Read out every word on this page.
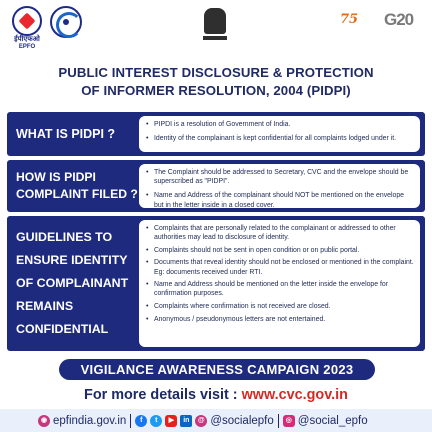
ईपीएफओ
EPFO
75	G20
PUBLIC INTEREST DISCLOSURE & PROTECTION
OF INFORMER RESOLUTION, 2004 (PIDPI)
WHAT IS PIDPI ?
• PIPDI is a resolution of Government of India.
• Identity of the complainant is kept confidential for all complaints lodged under it.
HOW IS PIDPI
COMPLAINT FILED ?
• The Complaint should be addressed to Secretary, CVC and the envelope should be superscribed as "PIDPI".
• Name and Address of the complainant should NOT be mentioned on the envelope but in the letter inside in a closed cover.
GUIDELINES TO
ENSURE IDENTITY
OF COMPLAINANT
REMAINS
CONFIDENTIAL
• Complaints that are personally related to the complainant or addressed to other authorities may lead to disclosure of identity.
• Complaints should not be sent in open condition or on public portal.
• Documents that reveal identity should not be enclosed or mentioned in the complaint. Eg: documents received under RTI.
• Name and Address should be mentioned on the letter inside the envelope for confirmation purposes.
• Complaints where confirmation is not received are closed.
• Anonymous / pseudonymous letters are not entertained.
VIGILANCE AWARENESS CAMPAIGN 2023
For more details visit : www.cvc.gov.in
◉ epfindia.gov.in	f	t	▶	in	@ @socialepfo	◎ @social_epfo
